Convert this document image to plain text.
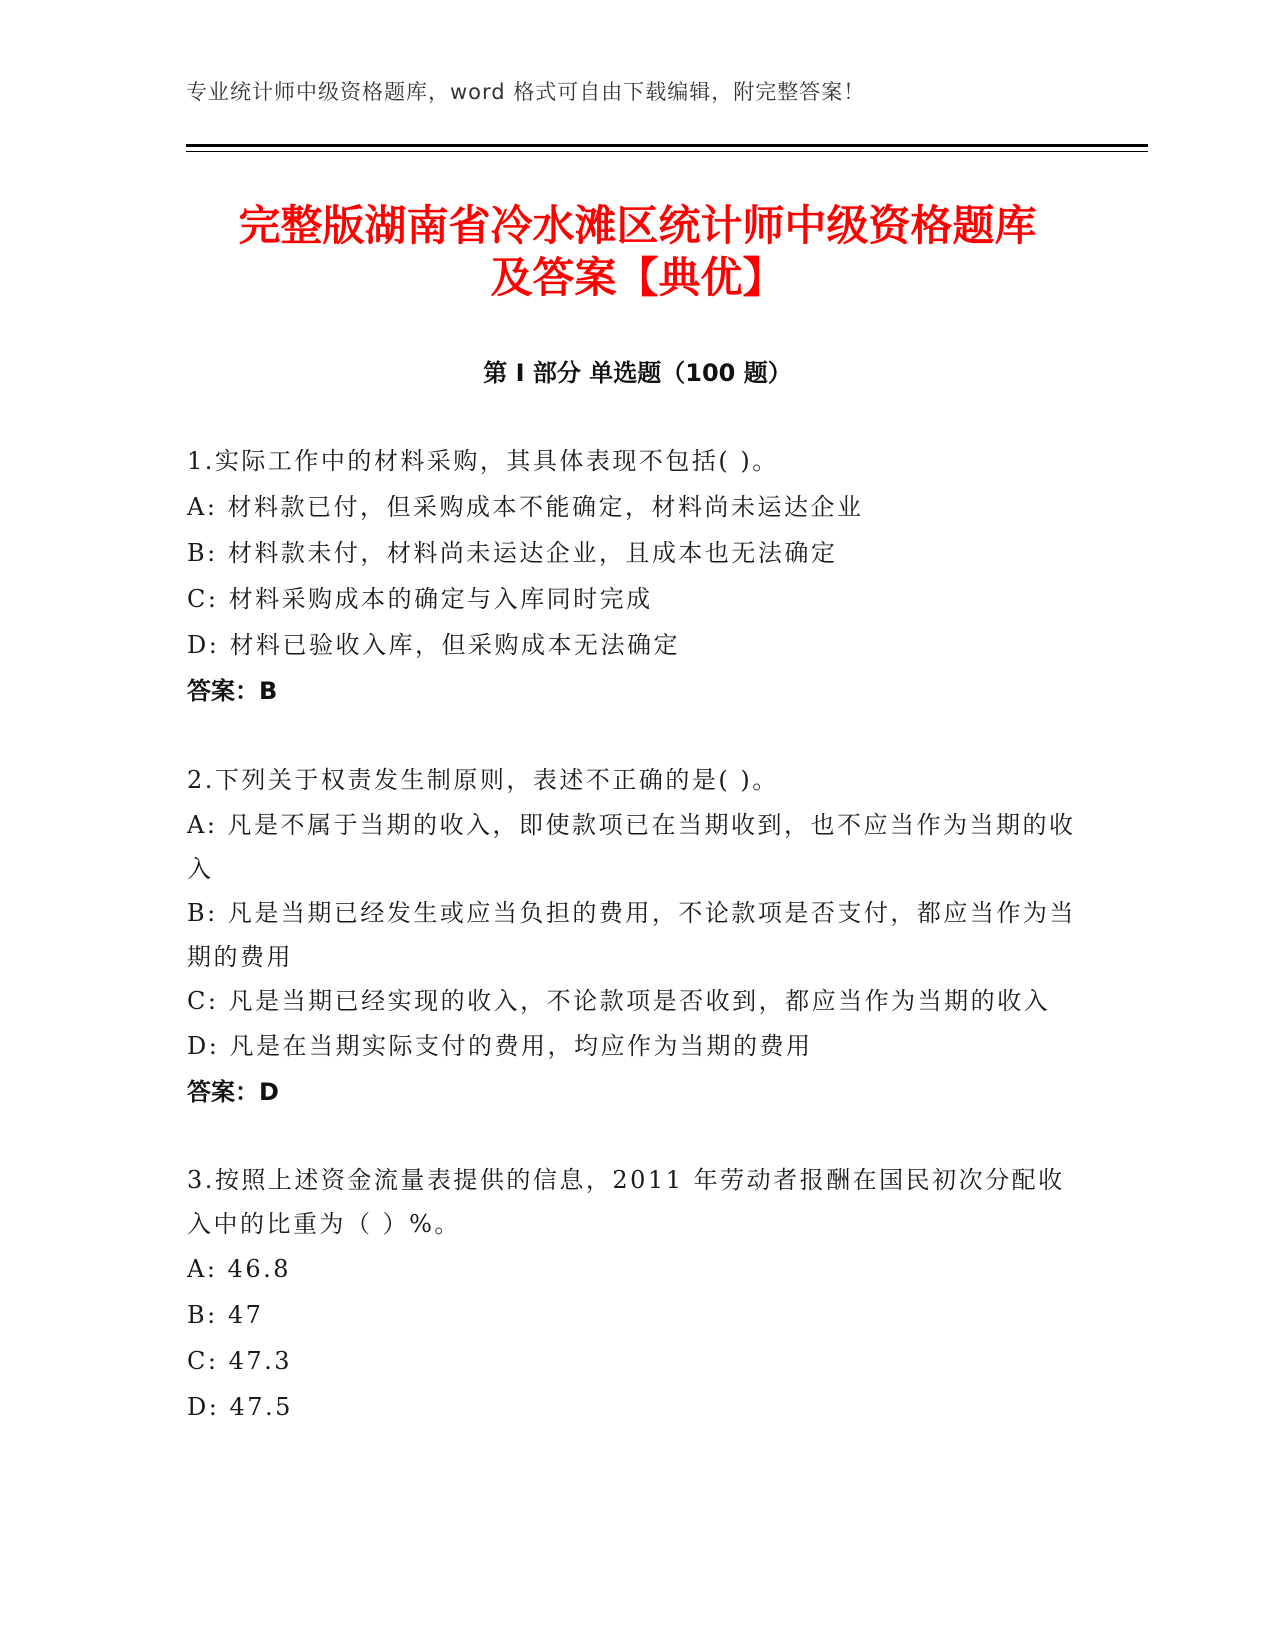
专业统计师中级资格题库，word 格式可自由下载编辑，附完整答案！
完整版湖南省冷水滩区统计师中级资格题库
及答案【典优】
第 I 部分 单选题（100 题）
1.实际工作中的材料采购，其具体表现不包括( )。
A: 材料款已付，但采购成本不能确定，材料尚未运达企业
B: 材料款未付，材料尚未运达企业，且成本也无法确定
C: 材料采购成本的确定与入库同时完成
D: 材料已验收入库，但采购成本无法确定
答案：B
2.下列关于权责发生制原则，表述不正确的是( )。
A: 凡是不属于当期的收入，即使款项已在当期收到，也不应当作为当期的收入
B: 凡是当期已经发生或应当负担的费用，不论款项是否支付，都应当作为当期的费用
C: 凡是当期已经实现的收入，不论款项是否收到，都应当作为当期的收入
D: 凡是在当期实际支付的费用，均应作为当期的费用
答案：D
3.按照上述资金流量表提供的信息，2011 年劳动者报酬在国民初次分配收入中的比重为（ ）%。
A: 46.8
B: 47
C: 47.3
D: 47.5
